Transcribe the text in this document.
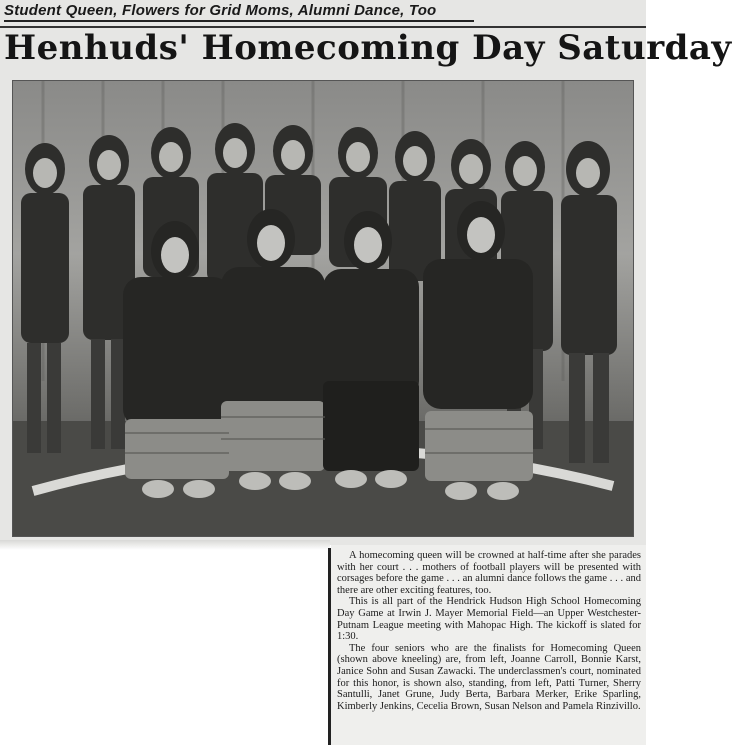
Student Queen, Flowers for Grid Moms, Alumni Dance, Too
Henhuds' Homecoming Day Saturday

A homecoming queen will be crowned at half-time after she parades with her court . . . mothers of football players will be presented with corsages before the game . . . an alumni dance follows the game . . . and there are other exciting features, too.

This is all part of the Hendrick Hudson High School Homecoming Day Game at Irwin J. Mayer Memorial Field—an Upper Westchester-Putnam League meeting with Mahopac High. The kickoff is slated for 1:30.

The four seniors who are the finalists for Homecoming Queen (shown above kneeling) are, from left, Joanne Carroll, Bonnie Karst, Janice Sohn and Susan Zawacki. The underclassmen's court, nominated for this honor, is shown also, standing, from left, Patti Turner, Sherry Santulli, Janet Grune, Judy Berta, Barbara Merker, Erike Sparling, Kimberly Jenkins, Cecelia Brown, Susan Nelson and Pamela Rinzivillo.
